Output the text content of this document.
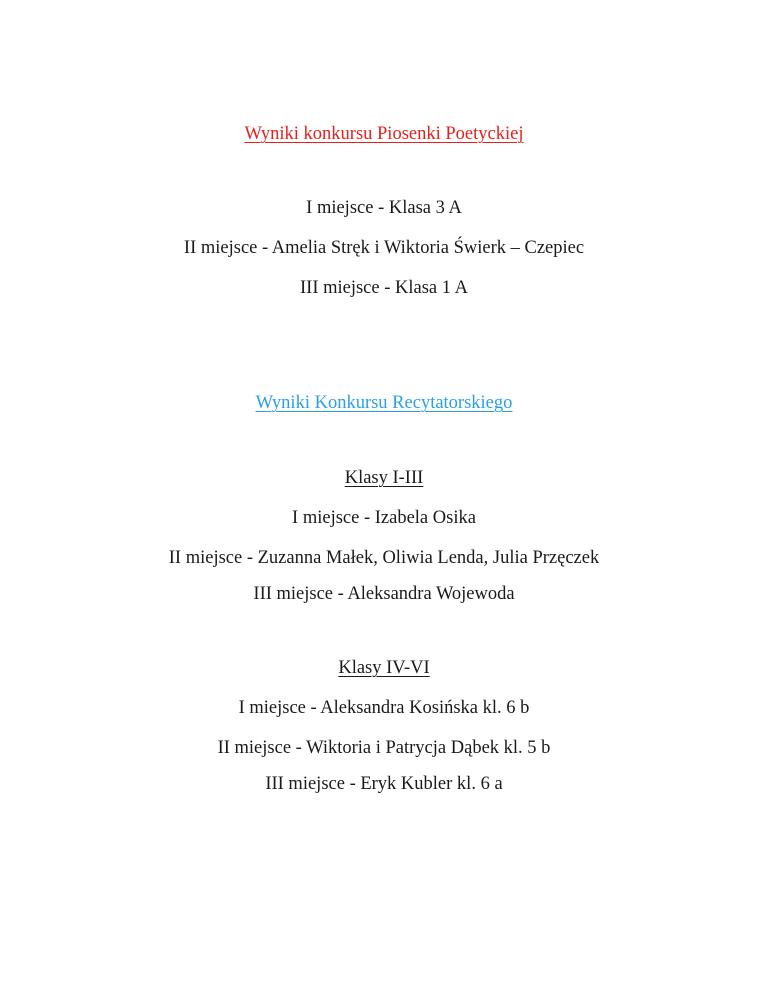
Wyniki konkursu Piosenki Poetyckiej
I miejsce - Klasa 3 A
II miejsce - Amelia Stręk i Wiktoria Świerk – Czepiec
III miejsce - Klasa 1 A
Wyniki Konkursu Recytatorskiego
Klasy I-III
I miejsce - Izabela Osika
II miejsce - Zuzanna Małek, Oliwia Lenda, Julia Przęczek
III miejsce - Aleksandra Wojewoda
Klasy IV-VI
I miejsce - Aleksandra Kosińska kl. 6 b
II miejsce - Wiktoria i Patrycja Dąbek kl. 5 b
III miejsce - Eryk Kubler kl. 6 a
